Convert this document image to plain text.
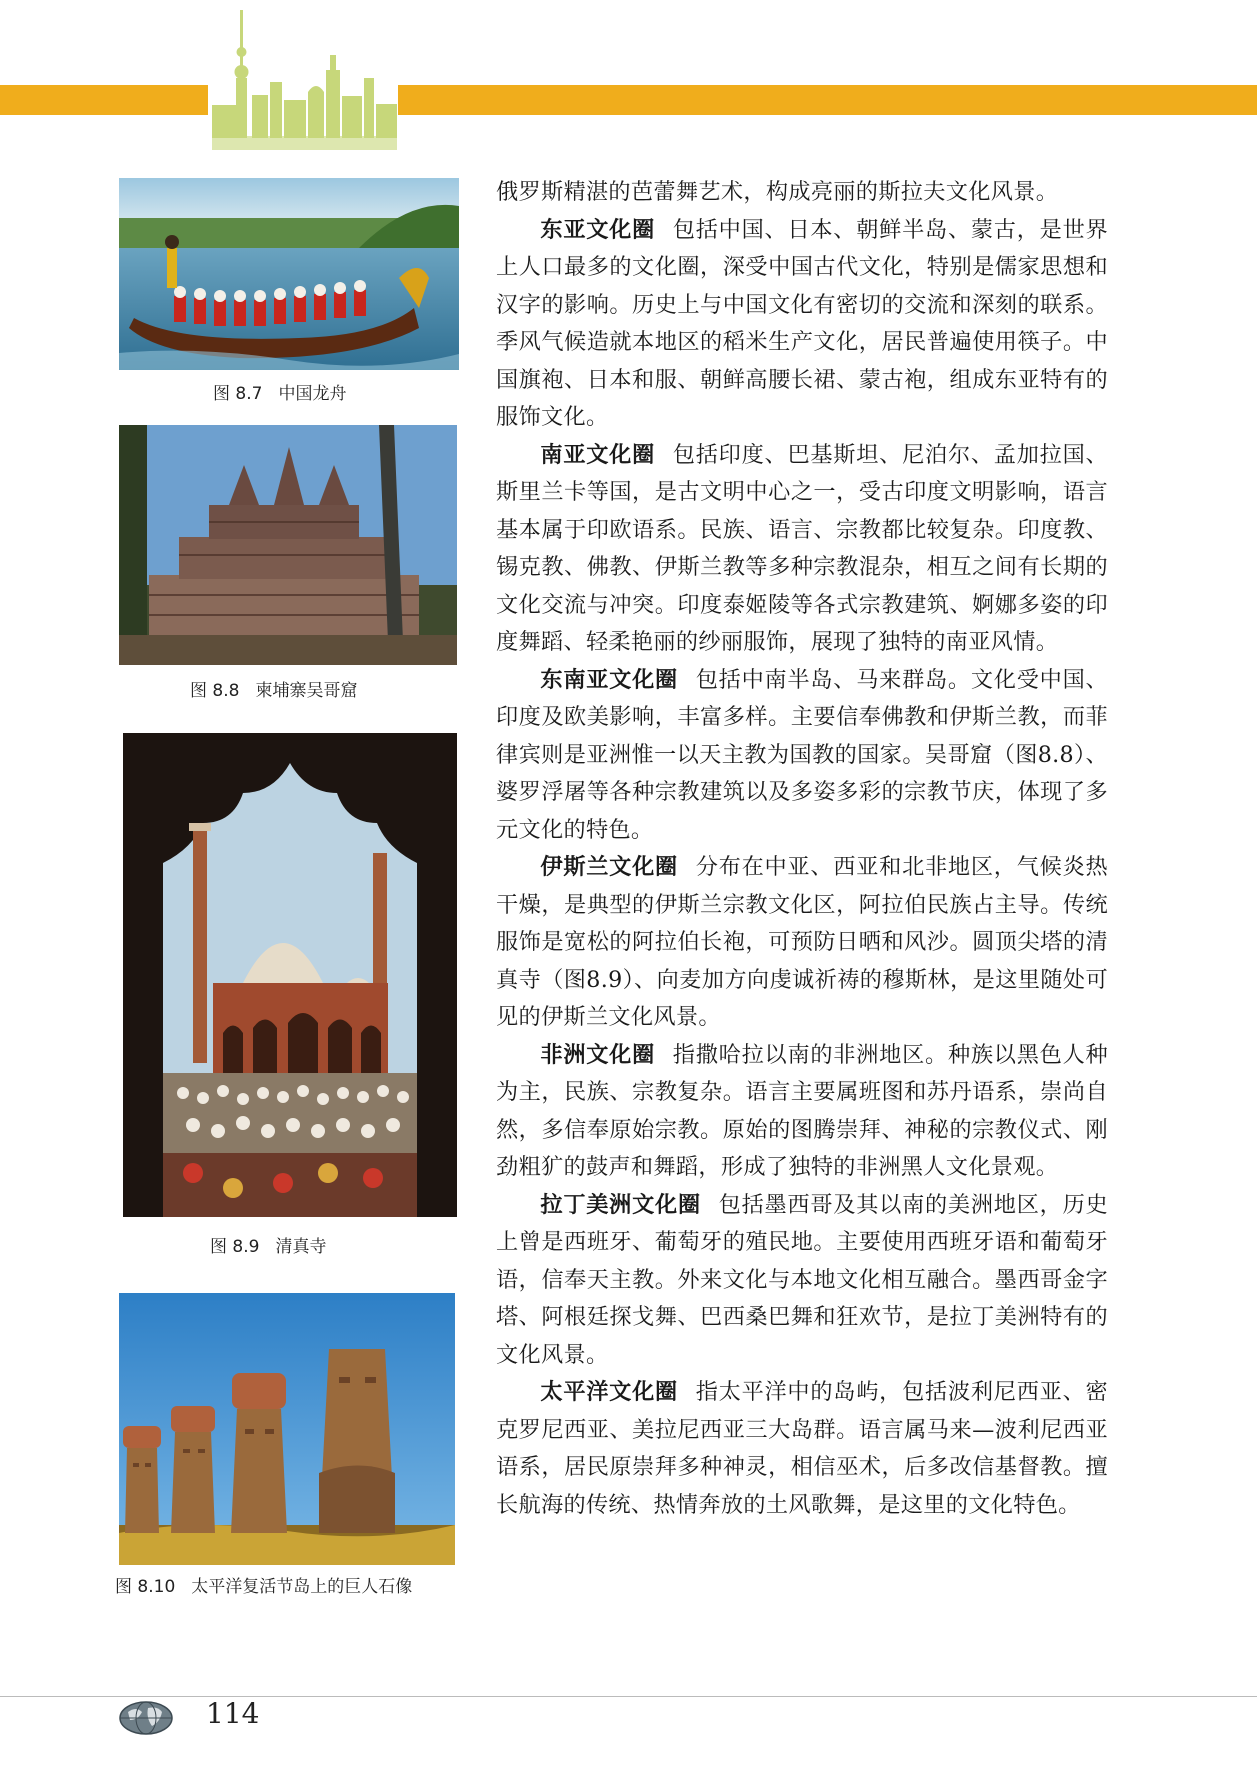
图 8.7 中国龙舟
图 8.8 柬埔寨吴哥窟
图 8.9 清真寺
图 8.10 太平洋复活节岛上的巨人石像

俄罗斯精湛的芭蕾舞艺术，构成亮丽的斯拉夫文化风景。

东亚文化圈 包括中国、日本、朝鲜半岛、蒙古，是世界上人口最多的文化圈，深受中国古代文化，特别是儒家思想和汉字的影响。历史上与中国文化有密切的交流和深刻的联系。季风气候造就本地区的稻米生产文化，居民普遍使用筷子。中国旗袍、日本和服、朝鲜高腰长裙、蒙古袍，组成东亚特有的服饰文化。

南亚文化圈 包括印度、巴基斯坦、尼泊尔、孟加拉国、斯里兰卡等国，是古文明中心之一，受古印度文明影响，语言基本属于印欧语系。民族、语言、宗教都比较复杂。印度教、锡克教、佛教、伊斯兰教等多种宗教混杂，相互之间有长期的文化交流与冲突。印度泰姬陵等各式宗教建筑、婀娜多姿的印度舞蹈、轻柔艳丽的纱丽服饰，展现了独特的南亚风情。

东南亚文化圈 包括中南半岛、马来群岛。文化受中国、印度及欧美影响，丰富多样。主要信奉佛教和伊斯兰教，而菲律宾则是亚洲惟一以天主教为国教的国家。吴哥窟（图8.8）、婆罗浮屠等各种宗教建筑以及多姿多彩的宗教节庆，体现了多元文化的特色。

伊斯兰文化圈 分布在中亚、西亚和北非地区，气候炎热干燥，是典型的伊斯兰宗教文化区，阿拉伯民族占主导。传统服饰是宽松的阿拉伯长袍，可预防日晒和风沙。圆顶尖塔的清真寺（图8.9）、向麦加方向虔诚祈祷的穆斯林，是这里随处可见的伊斯兰文化风景。

非洲文化圈 指撒哈拉以南的非洲地区。种族以黑色人种为主，民族、宗教复杂。语言主要属班图和苏丹语系，崇尚自然，多信奉原始宗教。原始的图腾崇拜、神秘的宗教仪式、刚劲粗犷的鼓声和舞蹈，形成了独特的非洲黑人文化景观。

拉丁美洲文化圈 包括墨西哥及其以南的美洲地区，历史上曾是西班牙、葡萄牙的殖民地。主要使用西班牙语和葡萄牙语，信奉天主教。外来文化与本地文化相互融合。墨西哥金字塔、阿根廷探戈舞、巴西桑巴舞和狂欢节，是拉丁美洲特有的文化风景。

太平洋文化圈 指太平洋中的岛屿，包括波利尼西亚、密克罗尼西亚、美拉尼西亚三大岛群。语言属马来—波利尼西亚语系，居民原崇拜多种神灵，相信巫术，后多改信基督教。擅长航海的传统、热情奔放的土风歌舞，是这里的文化特色。

114
